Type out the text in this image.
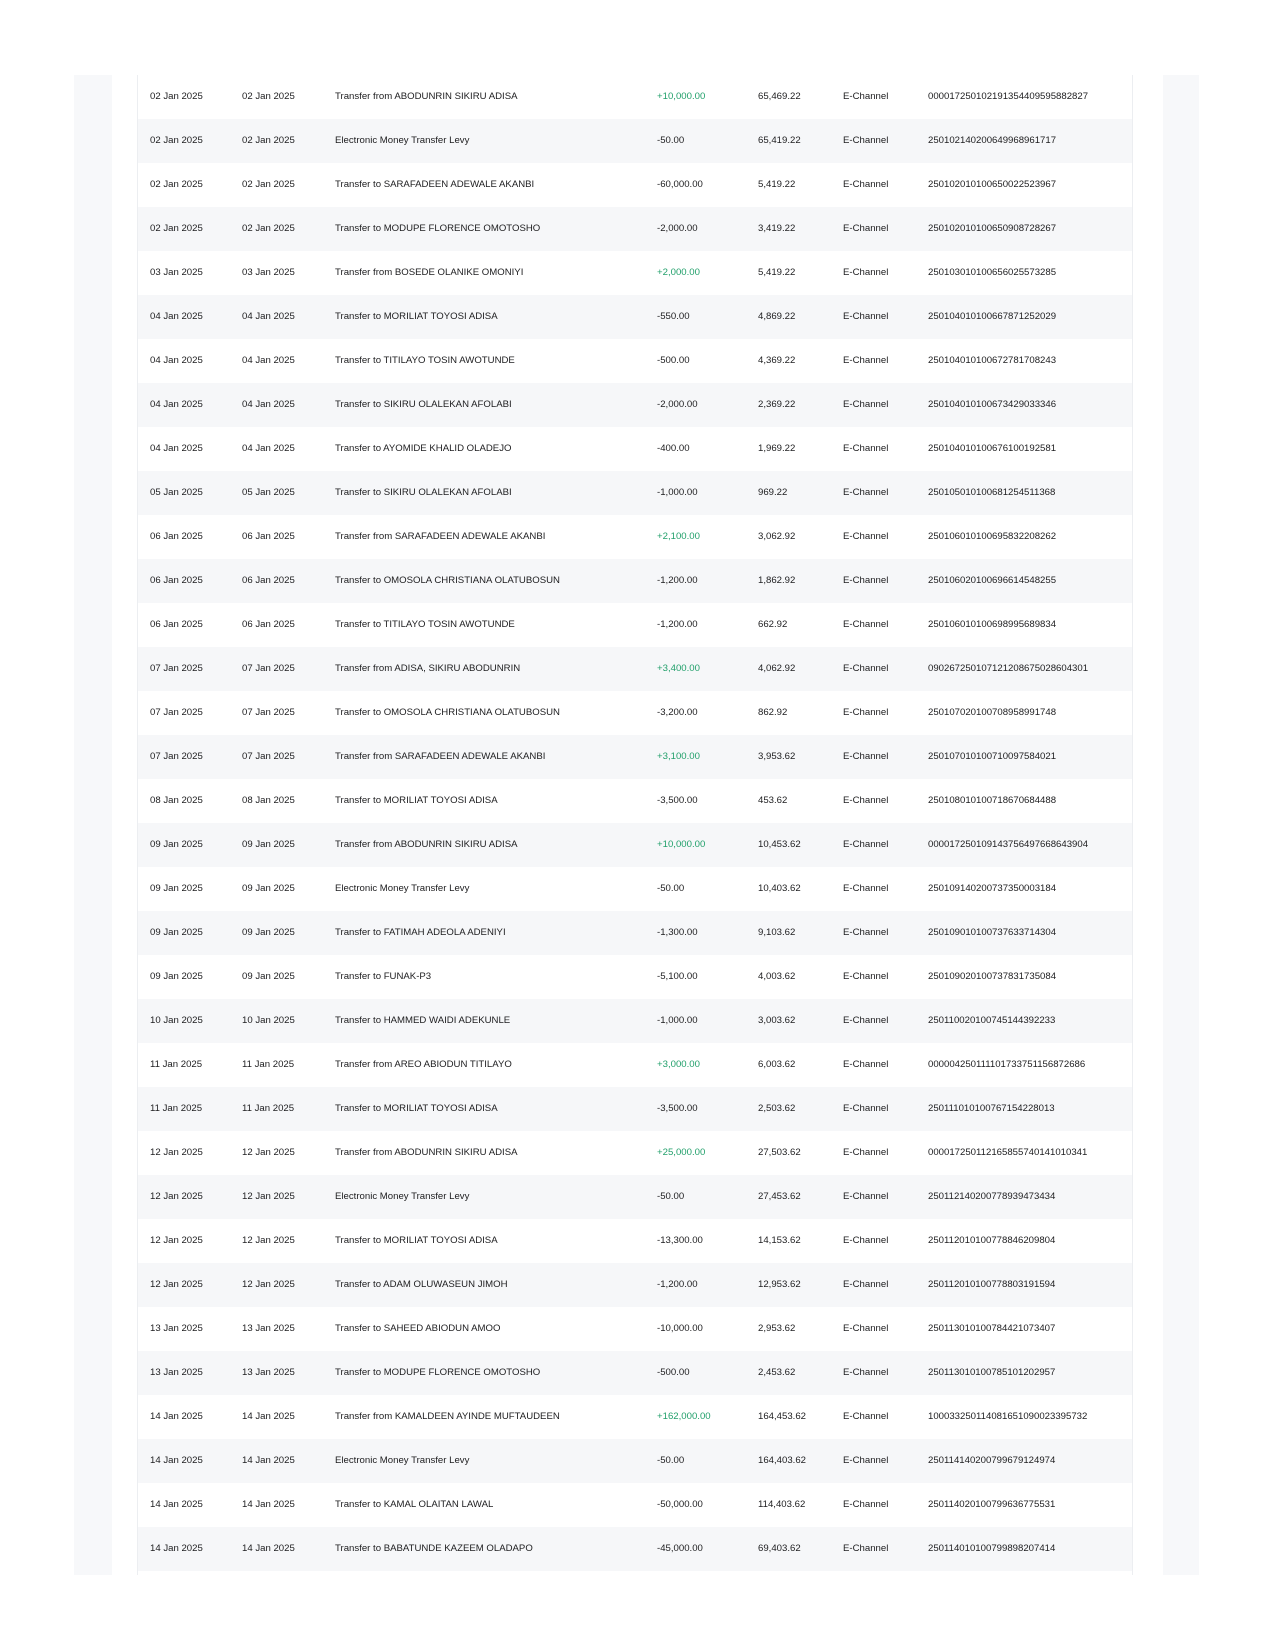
02 Jan 2025	02 Jan 2025	Transfer from ABODUNRIN SIKIRU ADISA	+10,000.00	65,469.22	E-Channel	000017250102191354409595882827
02 Jan 2025	02 Jan 2025	Electronic Money Transfer Levy	-50.00	65,419.22	E-Channel	250102140200649968961717
02 Jan 2025	02 Jan 2025	Transfer to SARAFADEEN ADEWALE AKANBI	-60,000.00	5,419.22	E-Channel	250102010100650022523967
02 Jan 2025	02 Jan 2025	Transfer to MODUPE FLORENCE OMOTOSHO	-2,000.00	3,419.22	E-Channel	250102010100650908728267
03 Jan 2025	03 Jan 2025	Transfer from BOSEDE OLANIKE OMONIYI	+2,000.00	5,419.22	E-Channel	250103010100656025573285
04 Jan 2025	04 Jan 2025	Transfer to MORILIAT TOYOSI ADISA	-550.00	4,869.22	E-Channel	250104010100667871252029
04 Jan 2025	04 Jan 2025	Transfer to TITILAYO TOSIN AWOTUNDE	-500.00	4,369.22	E-Channel	250104010100672781708243
04 Jan 2025	04 Jan 2025	Transfer to SIKIRU OLALEKAN AFOLABI	-2,000.00	2,369.22	E-Channel	250104010100673429033346
04 Jan 2025	04 Jan 2025	Transfer to AYOMIDE KHALID OLADEJO	-400.00	1,969.22	E-Channel	250104010100676100192581
05 Jan 2025	05 Jan 2025	Transfer to SIKIRU OLALEKAN AFOLABI	-1,000.00	969.22	E-Channel	250105010100681254511368
06 Jan 2025	06 Jan 2025	Transfer from SARAFADEEN ADEWALE AKANBI	+2,100.00	3,062.92	E-Channel	250106010100695832208262
06 Jan 2025	06 Jan 2025	Transfer to OMOSOLA CHRISTIANA OLATUBOSUN	-1,200.00	1,862.92	E-Channel	250106020100696614548255
06 Jan 2025	06 Jan 2025	Transfer to TITILAYO TOSIN AWOTUNDE	-1,200.00	662.92	E-Channel	250106010100698995689834
07 Jan 2025	07 Jan 2025	Transfer from ADISA, SIKIRU ABODUNRIN	+3,400.00	4,062.92	E-Channel	090267250107121208675028604301
07 Jan 2025	07 Jan 2025	Transfer to OMOSOLA CHRISTIANA OLATUBOSUN	-3,200.00	862.92	E-Channel	250107020100708958991748
07 Jan 2025	07 Jan 2025	Transfer from SARAFADEEN ADEWALE AKANBI	+3,100.00	3,953.62	E-Channel	250107010100710097584021
08 Jan 2025	08 Jan 2025	Transfer to MORILIAT TOYOSI ADISA	-3,500.00	453.62	E-Channel	250108010100718670684488
09 Jan 2025	09 Jan 2025	Transfer from ABODUNRIN SIKIRU ADISA	+10,000.00	10,453.62	E-Channel	000017250109143756497668643904
09 Jan 2025	09 Jan 2025	Electronic Money Transfer Levy	-50.00	10,403.62	E-Channel	250109140200737350003184
09 Jan 2025	09 Jan 2025	Transfer to FATIMAH ADEOLA ADENIYI	-1,300.00	9,103.62	E-Channel	250109010100737633714304
09 Jan 2025	09 Jan 2025	Transfer to FUNAK-P3	-5,100.00	4,003.62	E-Channel	250109020100737831735084
10 Jan 2025	10 Jan 2025	Transfer to HAMMED WAIDI ADEKUNLE	-1,000.00	3,003.62	E-Channel	250110020100745144392233
11 Jan 2025	11 Jan 2025	Transfer from AREO ABIODUN TITILAYO	+3,000.00	6,003.62	E-Channel	000004250111101733751156872686
11 Jan 2025	11 Jan 2025	Transfer to MORILIAT TOYOSI ADISA	-3,500.00	2,503.62	E-Channel	250111010100767154228013
12 Jan 2025	12 Jan 2025	Transfer from ABODUNRIN SIKIRU ADISA	+25,000.00	27,503.62	E-Channel	000017250112165855740141010341
12 Jan 2025	12 Jan 2025	Electronic Money Transfer Levy	-50.00	27,453.62	E-Channel	250112140200778939473434
12 Jan 2025	12 Jan 2025	Transfer to MORILIAT TOYOSI ADISA	-13,300.00	14,153.62	E-Channel	250112010100778846209804
12 Jan 2025	12 Jan 2025	Transfer to ADAM OLUWASEUN JIMOH	-1,200.00	12,953.62	E-Channel	250112010100778803191594
13 Jan 2025	13 Jan 2025	Transfer to SAHEED ABIODUN AMOO	-10,000.00	2,953.62	E-Channel	250113010100784421073407
13 Jan 2025	13 Jan 2025	Transfer to MODUPE FLORENCE OMOTOSHO	-500.00	2,453.62	E-Channel	250113010100785101202957
14 Jan 2025	14 Jan 2025	Transfer from KAMALDEEN AYINDE MUFTAUDEEN	+162,000.00	164,453.62	E-Channel	100033250114081651090023395732
14 Jan 2025	14 Jan 2025	Electronic Money Transfer Levy	-50.00	164,403.62	E-Channel	250114140200799679124974
14 Jan 2025	14 Jan 2025	Transfer to KAMAL OLAITAN LAWAL	-50,000.00	114,403.62	E-Channel	250114020100799636775531
14 Jan 2025	14 Jan 2025	Transfer to BABATUNDE KAZEEM OLADAPO	-45,000.00	69,403.62	E-Channel	250114010100799898207414
